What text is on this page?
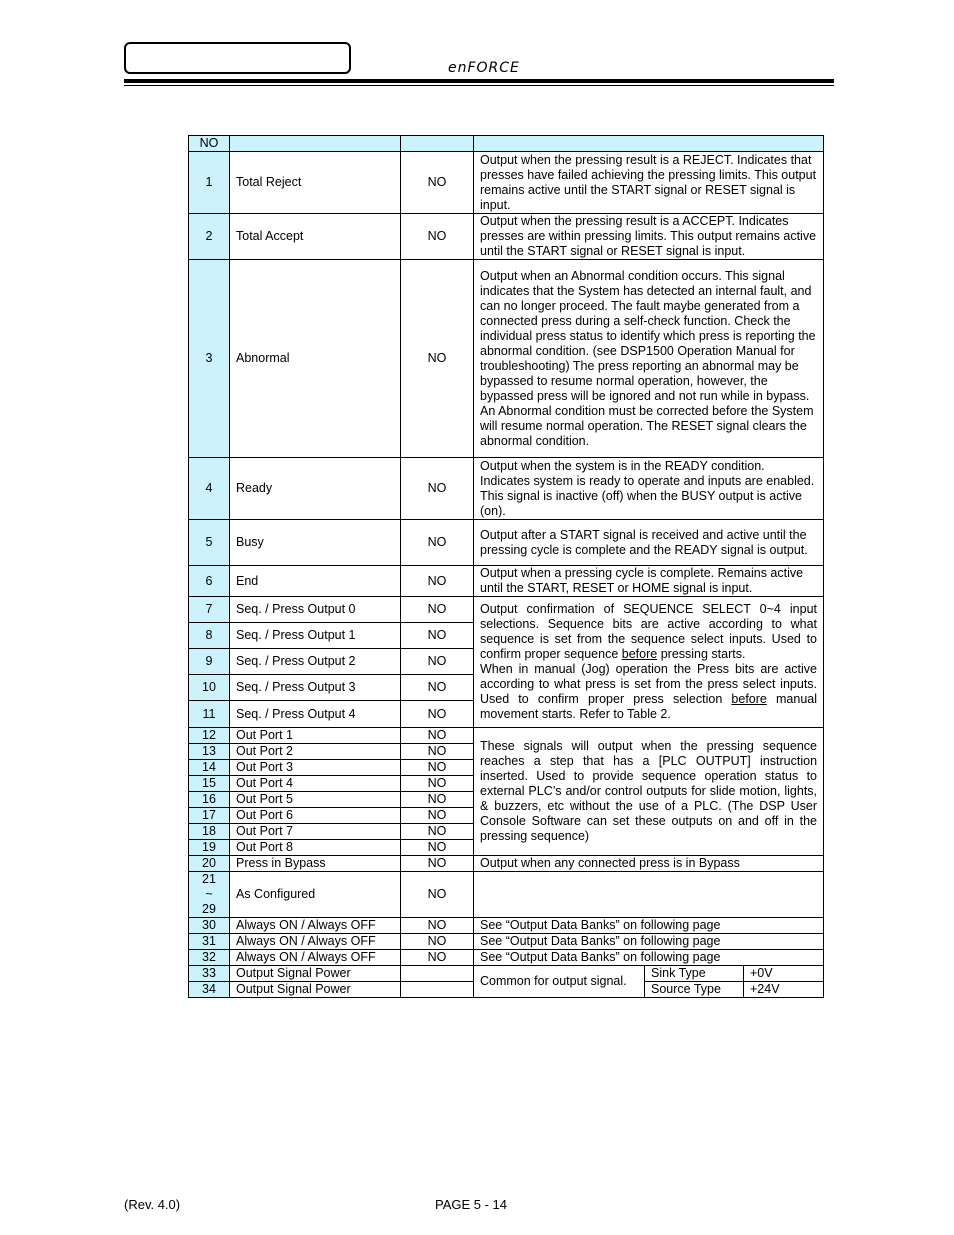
enFORCE
NO					
1	Total Reject	NO	Output when the pressing result is a REJECT. Indicates that                    presses have failed achieving the pressing limits. This output remains active until the START signal or RESET signal is input.		
2	Total Accept	NO	Output when the pressing result is a ACCEPT. Indicates      presses are within pressing limits. This output remains active until the START signal or RESET signal is input.		
3	Abnormal	NO	Output when an Abnormal condition occurs. This signal indicates that the System has detected an internal fault, and can no longer proceed. The fault maybe generated from a connected press during a self-check function. Check the individual press status to identify which press is reporting the abnormal condition. (see DSP1500 Operation Manual for troubleshooting) The press reporting an abnormal may be bypassed to resume normal operation, however, the bypassed press will be ignored and not run while in bypass. An Abnormal condition must be corrected before the System will resume normal operation. The RESET signal clears the abnormal condition.		
4	Ready	NO	Output when the system is in the READY condition. Indicates system is ready to operate and inputs are enabled. This signal is inactive (off) when the BUSY output is active (on).		
5	Busy	NO	Output after a START signal is received and active until the pressing cycle is complete and the READY signal is output.		
6	End	NO	Output when a pressing cycle is complete. Remains active until the START, RESET or HOME signal is input.		
7	Seq. / Press Output 0	NO	Output confirmation of SEQUENCE SELECT 0~4 input selections. Sequence bits are active according to what sequence is set from the sequence select inputs. Used to confirm proper sequence before pressing starts.
When in manual (Jog) operation the Press bits are active according to what press is set from the press select inputs. Used to confirm proper press selection before manual movement starts. Refer to Table 2.		
8	Seq. / Press Output 1	NO			
9	Seq. / Press Output 2	NO			
10	Seq. / Press Output 3	NO			
11	Seq. / Press Output 4	NO			
12	Out Port 1	NO	These signals will output when the pressing sequence reaches a step that has a [PLC OUTPUT] instruction inserted. Used to provide sequence operation status to external PLC’s and/or control outputs for slide motion, lights, & buzzers, etc without the use of a PLC. (The DSP User Console Software can set these outputs on and off in the pressing sequence)		
13	Out Port 2	NO			
14	Out Port 3	NO			
15	Out Port 4	NO			
16	Out Port 5	NO			
17	Out Port 6	NO			
18	Out Port 7	NO			
19	Out Port 8	NO			
20	Press in Bypass	NO	Output when any connected press is in Bypass		
21
~
29	As Configured	NO			
30	Always ON / Always OFF	NO	See “Output Data Banks” on following page		
31	Always ON / Always OFF	NO	See “Output Data Banks” on following page		
32	Always ON / Always OFF	NO	See “Output Data Banks” on following page		
33	Output Signal Power		Common for output signal.	Sink Type	+0V
34	Output Signal Power			Source Type	+24V
(Rev. 4.0)	PAGE 5 - 14
